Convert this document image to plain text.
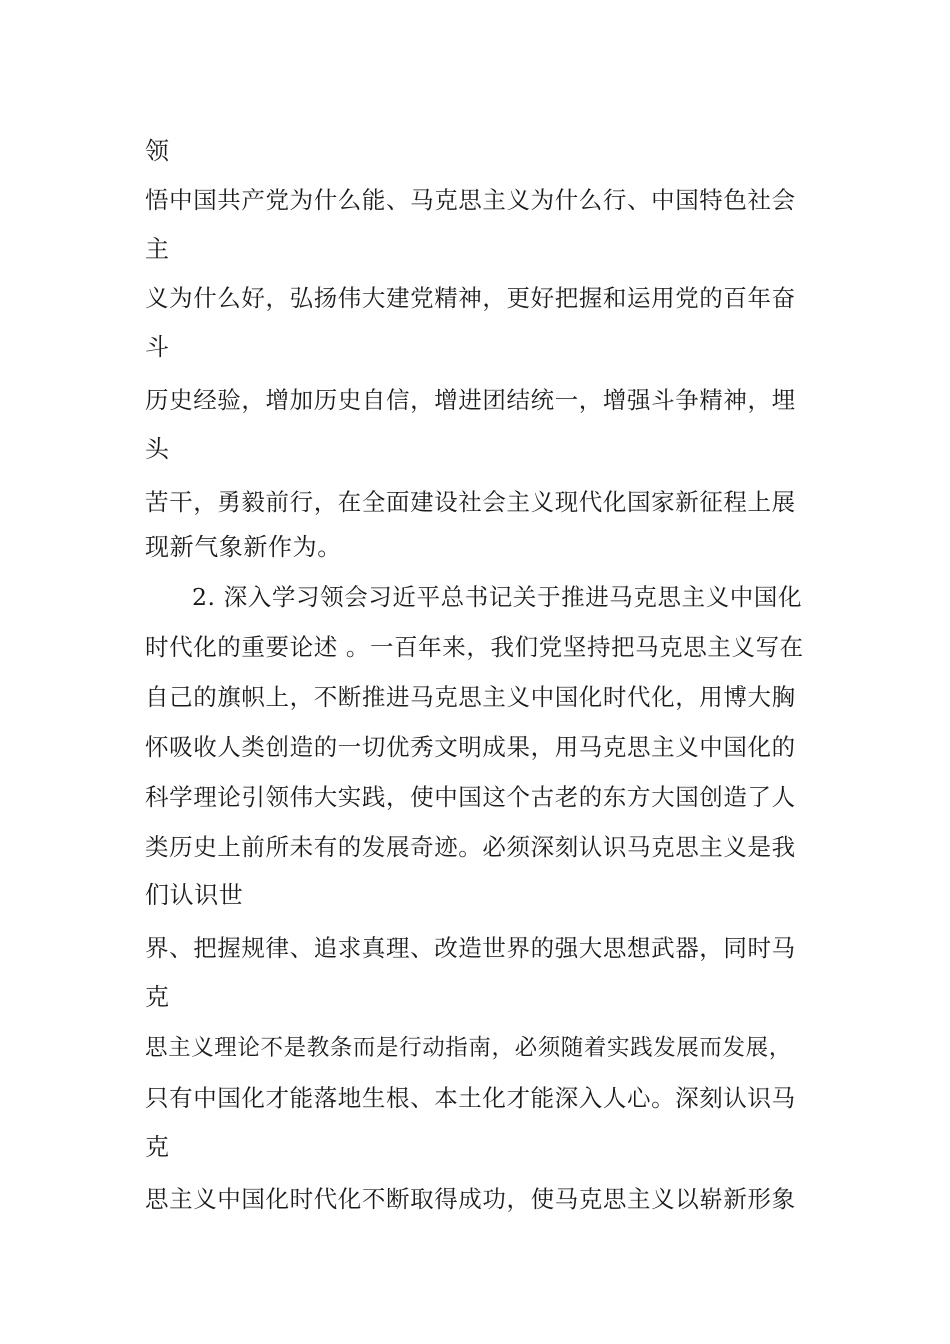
领

悟中国共产党为什么能、马克思主义为什么行、中国特色社会

主

义为什么好，弘扬伟大建党精神，更好把握和运用党的百年奋

斗

历史经验，增加历史自信，增进团结统一，增强斗争精神，埋

头

苦干，勇毅前行，在全面建设社会主义现代化国家新征程上展

现新气象新作为。

2. 深入学习领会习近平总书记关于推进马克思主义中国化

时代化的重要论述 。一百年来，我们党坚持把马克思主义写在

自己的旗帜上，不断推进马克思主义中国化时代化，用博大胸

怀吸收人类创造的一切优秀文明成果，用马克思主义中国化的

科学理论引领伟大实践，使中国这个古老的东方大国创造了人

类历史上前所未有的发展奇迹。必须深刻认识马克思主义是我

们认识世

界、把握规律、追求真理、改造世界的强大思想武器，同时马

克

思主义理论不是教条而是行动指南，必须随着实践发展而发展，

只有中国化才能落地生根、本土化才能深入人心。深刻认识马

克

思主义中国化时代化不断取得成功，使马克思主义以崭新形象
